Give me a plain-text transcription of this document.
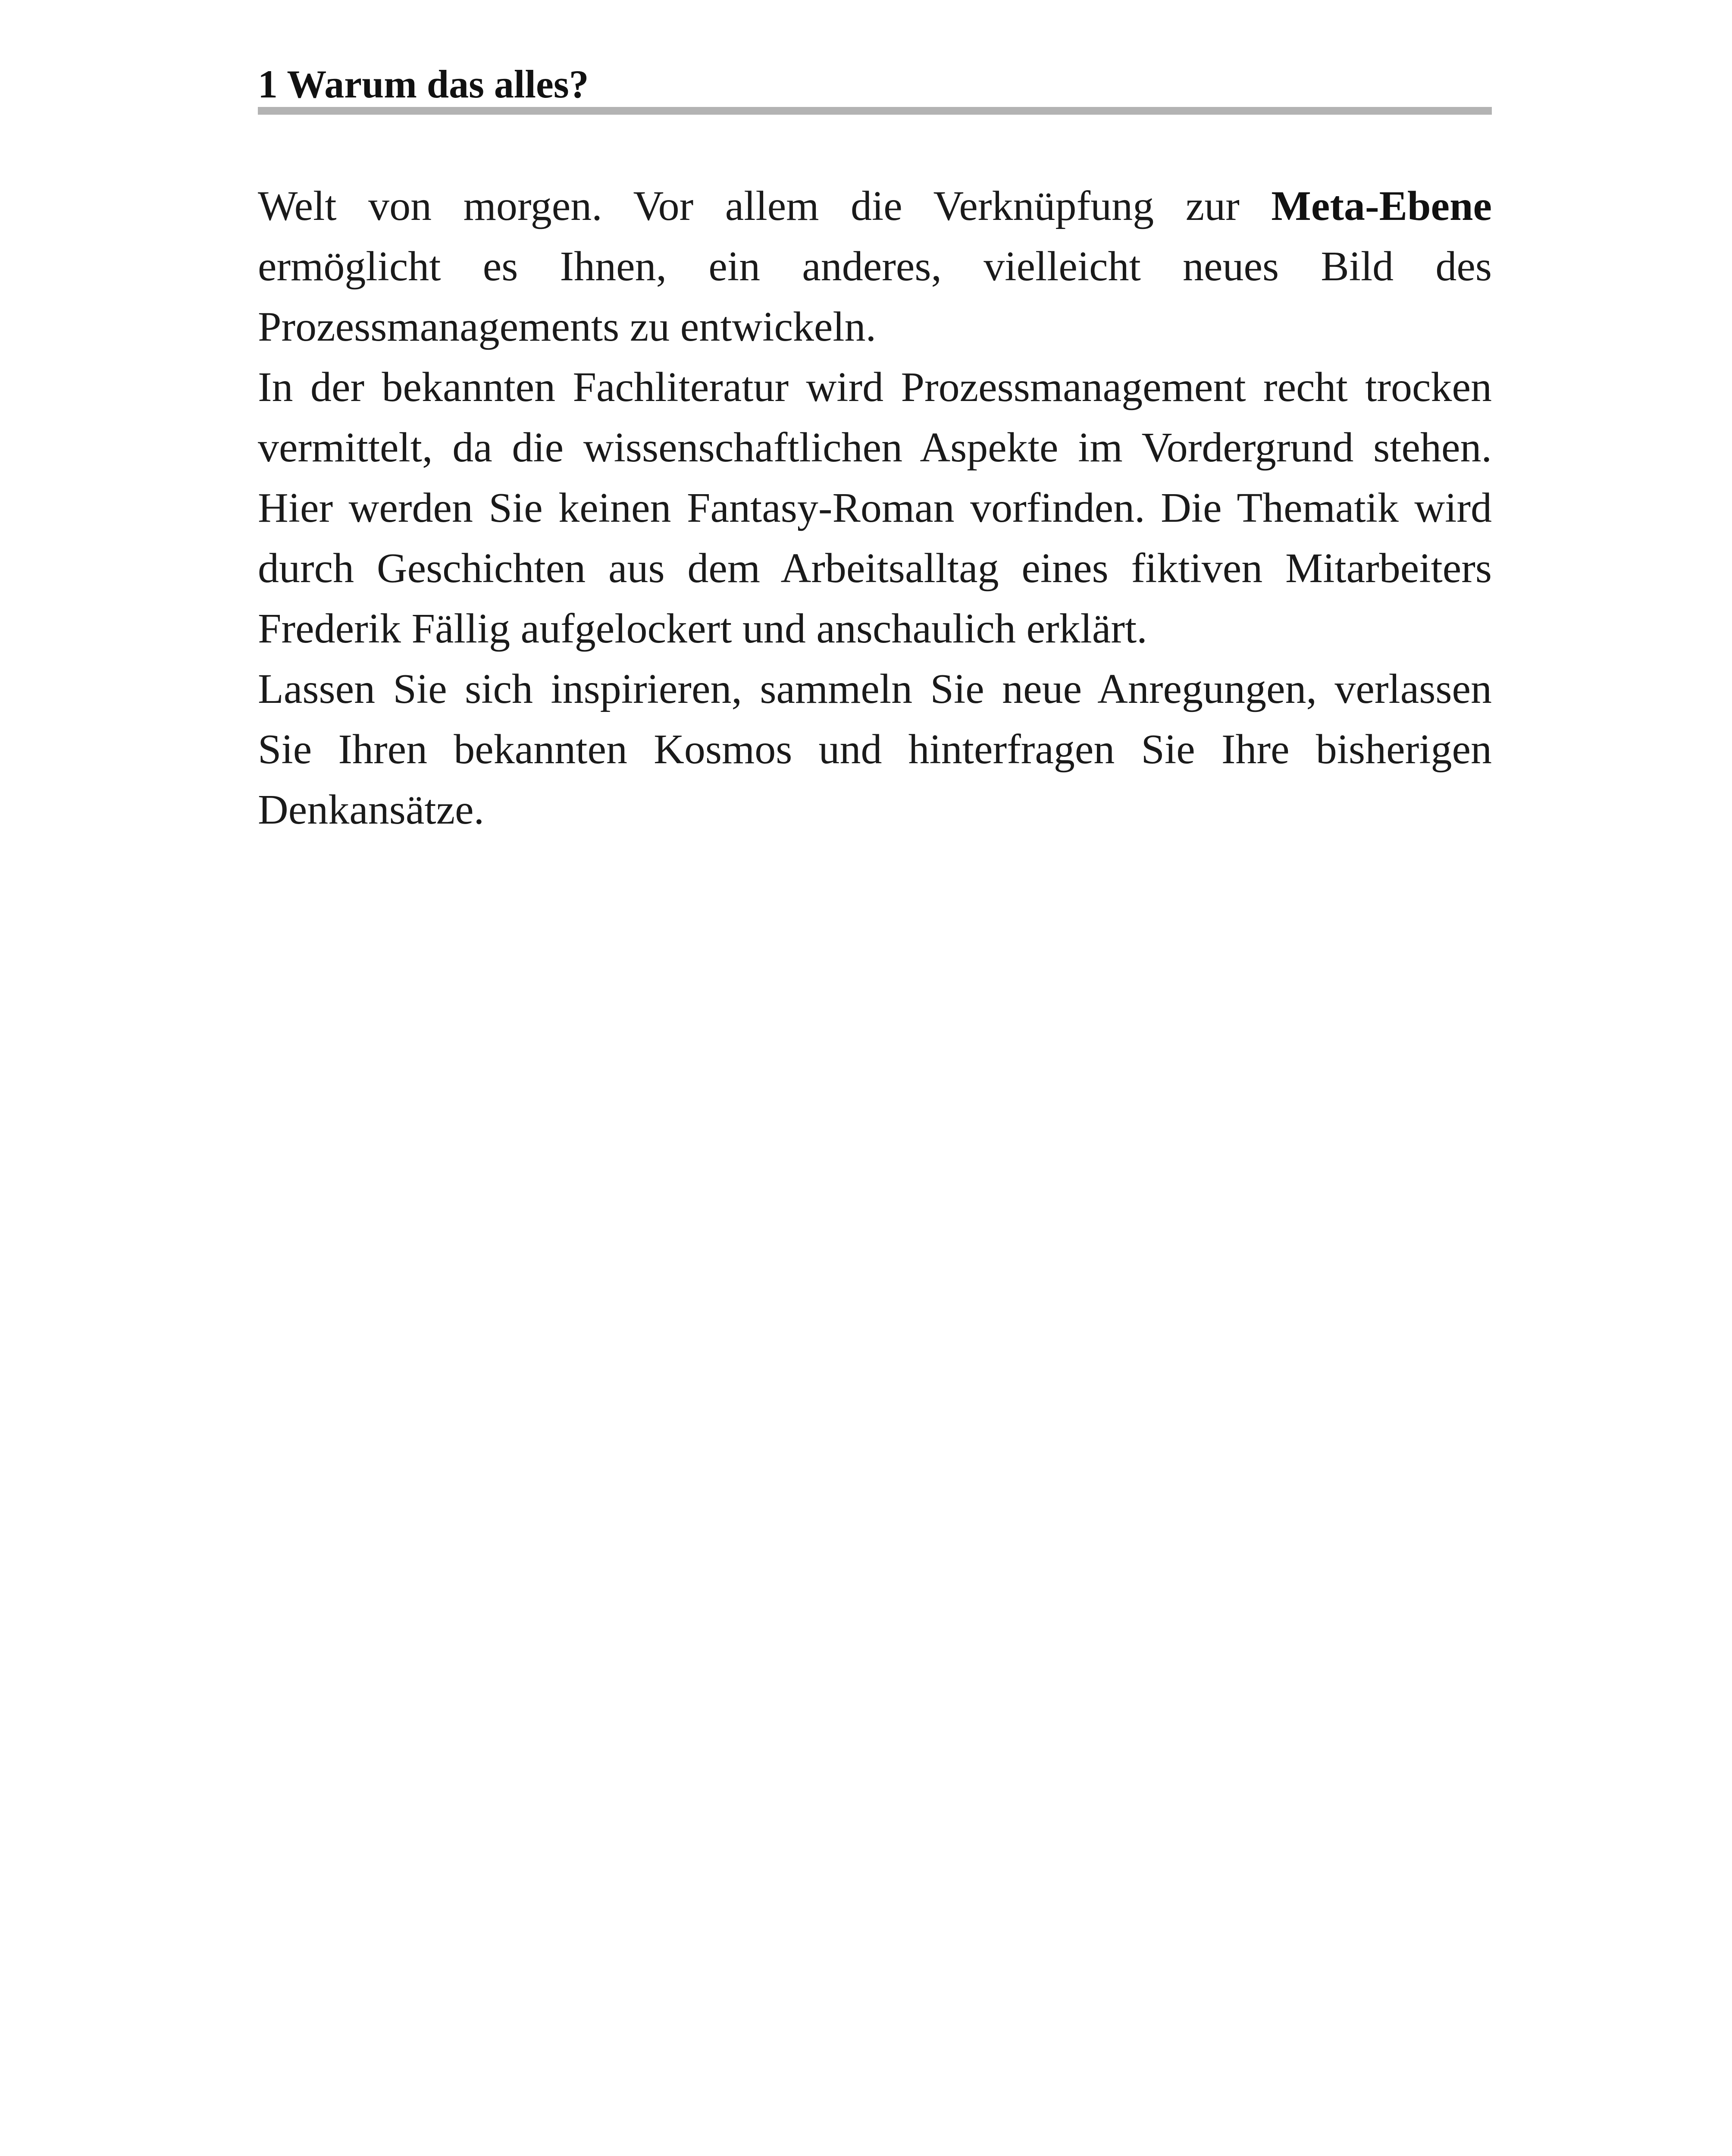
1 Warum das alles?

Welt von morgen. Vor allem die Verknüpfung zur Meta-Ebene ermöglicht es Ihnen, ein anderes, vielleicht neues Bild des Prozessmanagements zu entwickeln.

In der bekannten Fachliteratur wird Prozessmanagement recht trocken vermittelt, da die wissenschaftlichen Aspekte im Vordergrund stehen. Hier werden Sie keinen Fantasy-Roman vorfinden. Die Thematik wird durch Geschichten aus dem Arbeitsalltag eines fiktiven Mitarbeiters Frederik Fällig aufgelockert und anschaulich erklärt.

Lassen Sie sich inspirieren, sammeln Sie neue Anregungen, verlassen Sie Ihren bekannten Kosmos und hinterfragen Sie Ihre bisherigen Denkansätze.
